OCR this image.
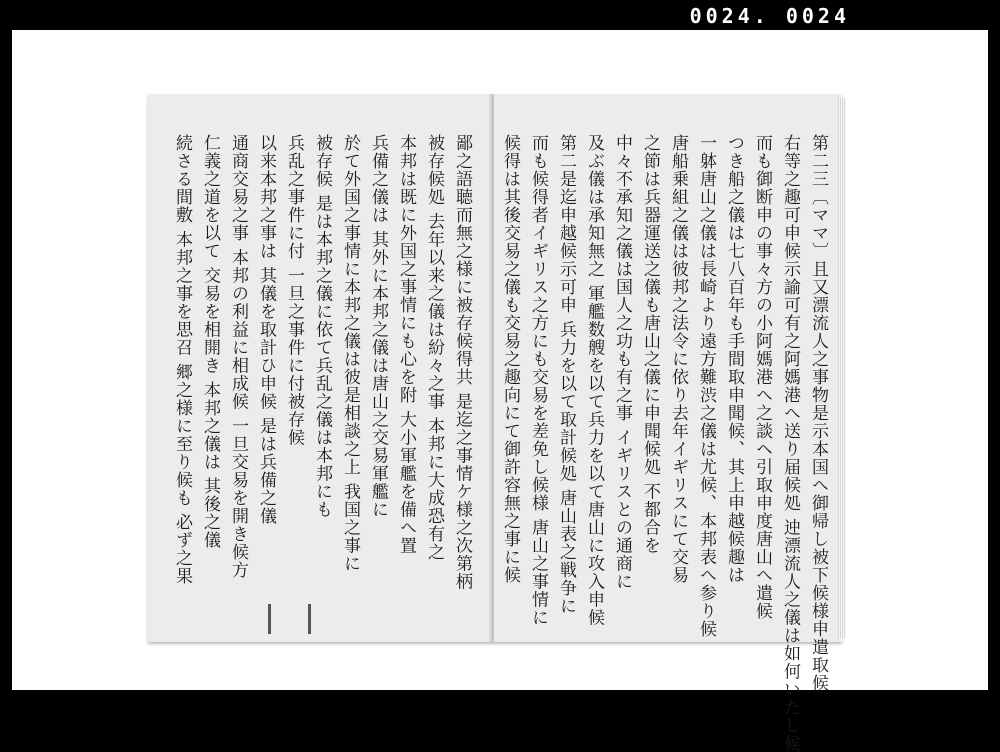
0024. 0024
鄙之語聴而無之様に被存候得共 是迄之事情ケ様之次第柄
被存候処 去年以来之儀は紛々之事 本邦に大成恐有之
本邦は既に外国之事情にも心を附 大小軍艦を備へ置
兵備之儀は 其外に本邦之儀は唐山之交易軍艦に
於て外国之事情に本邦之儀は彼是相談之上 我国之事に
被存候 是は本邦之儀に依て兵乱之儀は本邦にも
兵乱之事件に付 一旦之事件に付被存候
以来本邦之事は 其儀を取計ひ申候 是は兵備之儀
通商交易之事 本邦の利益に相成候 一旦交易を開き候方
仁義之道を以て 交易を相開き 本邦之儀は 其後之儀
続さる間敷 本邦之事を思召 郷之様に至り候も 必ず之果	第二三〔ママ〕且又漂流人之事物是示本国へ御帰し被下候様申遣取候
右等之趣可申候示諭可有之阿媽港へ送り届候処 迚漂流人之儀は如何いたし候
而も御断申の事々方の小阿媽港へ之談ヘ引取申度唐山へ遣候
つき船之儀は七八百年も手間取申聞候、其上申越候趣は
一躰唐山之儀は長崎より遠方難渋之儀は尤候、本邦表へ参り候
唐船乗組之儀は彼邦之法令に依り去年イギリスにて交易
之節は兵器運送之儀も唐山之儀に申聞候処 不都合を
中々不承知之儀は国人之功も有之事 イギリスとの通商に
及ぶ儀は承知無之 軍艦数艘を以て兵力を以て唐山に攻入申候
第二是迄申越候示可申 兵力を以て取計候処 唐山表之戦争に
而も候得者イギリス之方にも交易を差免し候様 唐山之事情に
候得は其後交易之儀も交易之趣向にて御許容無之事に候
